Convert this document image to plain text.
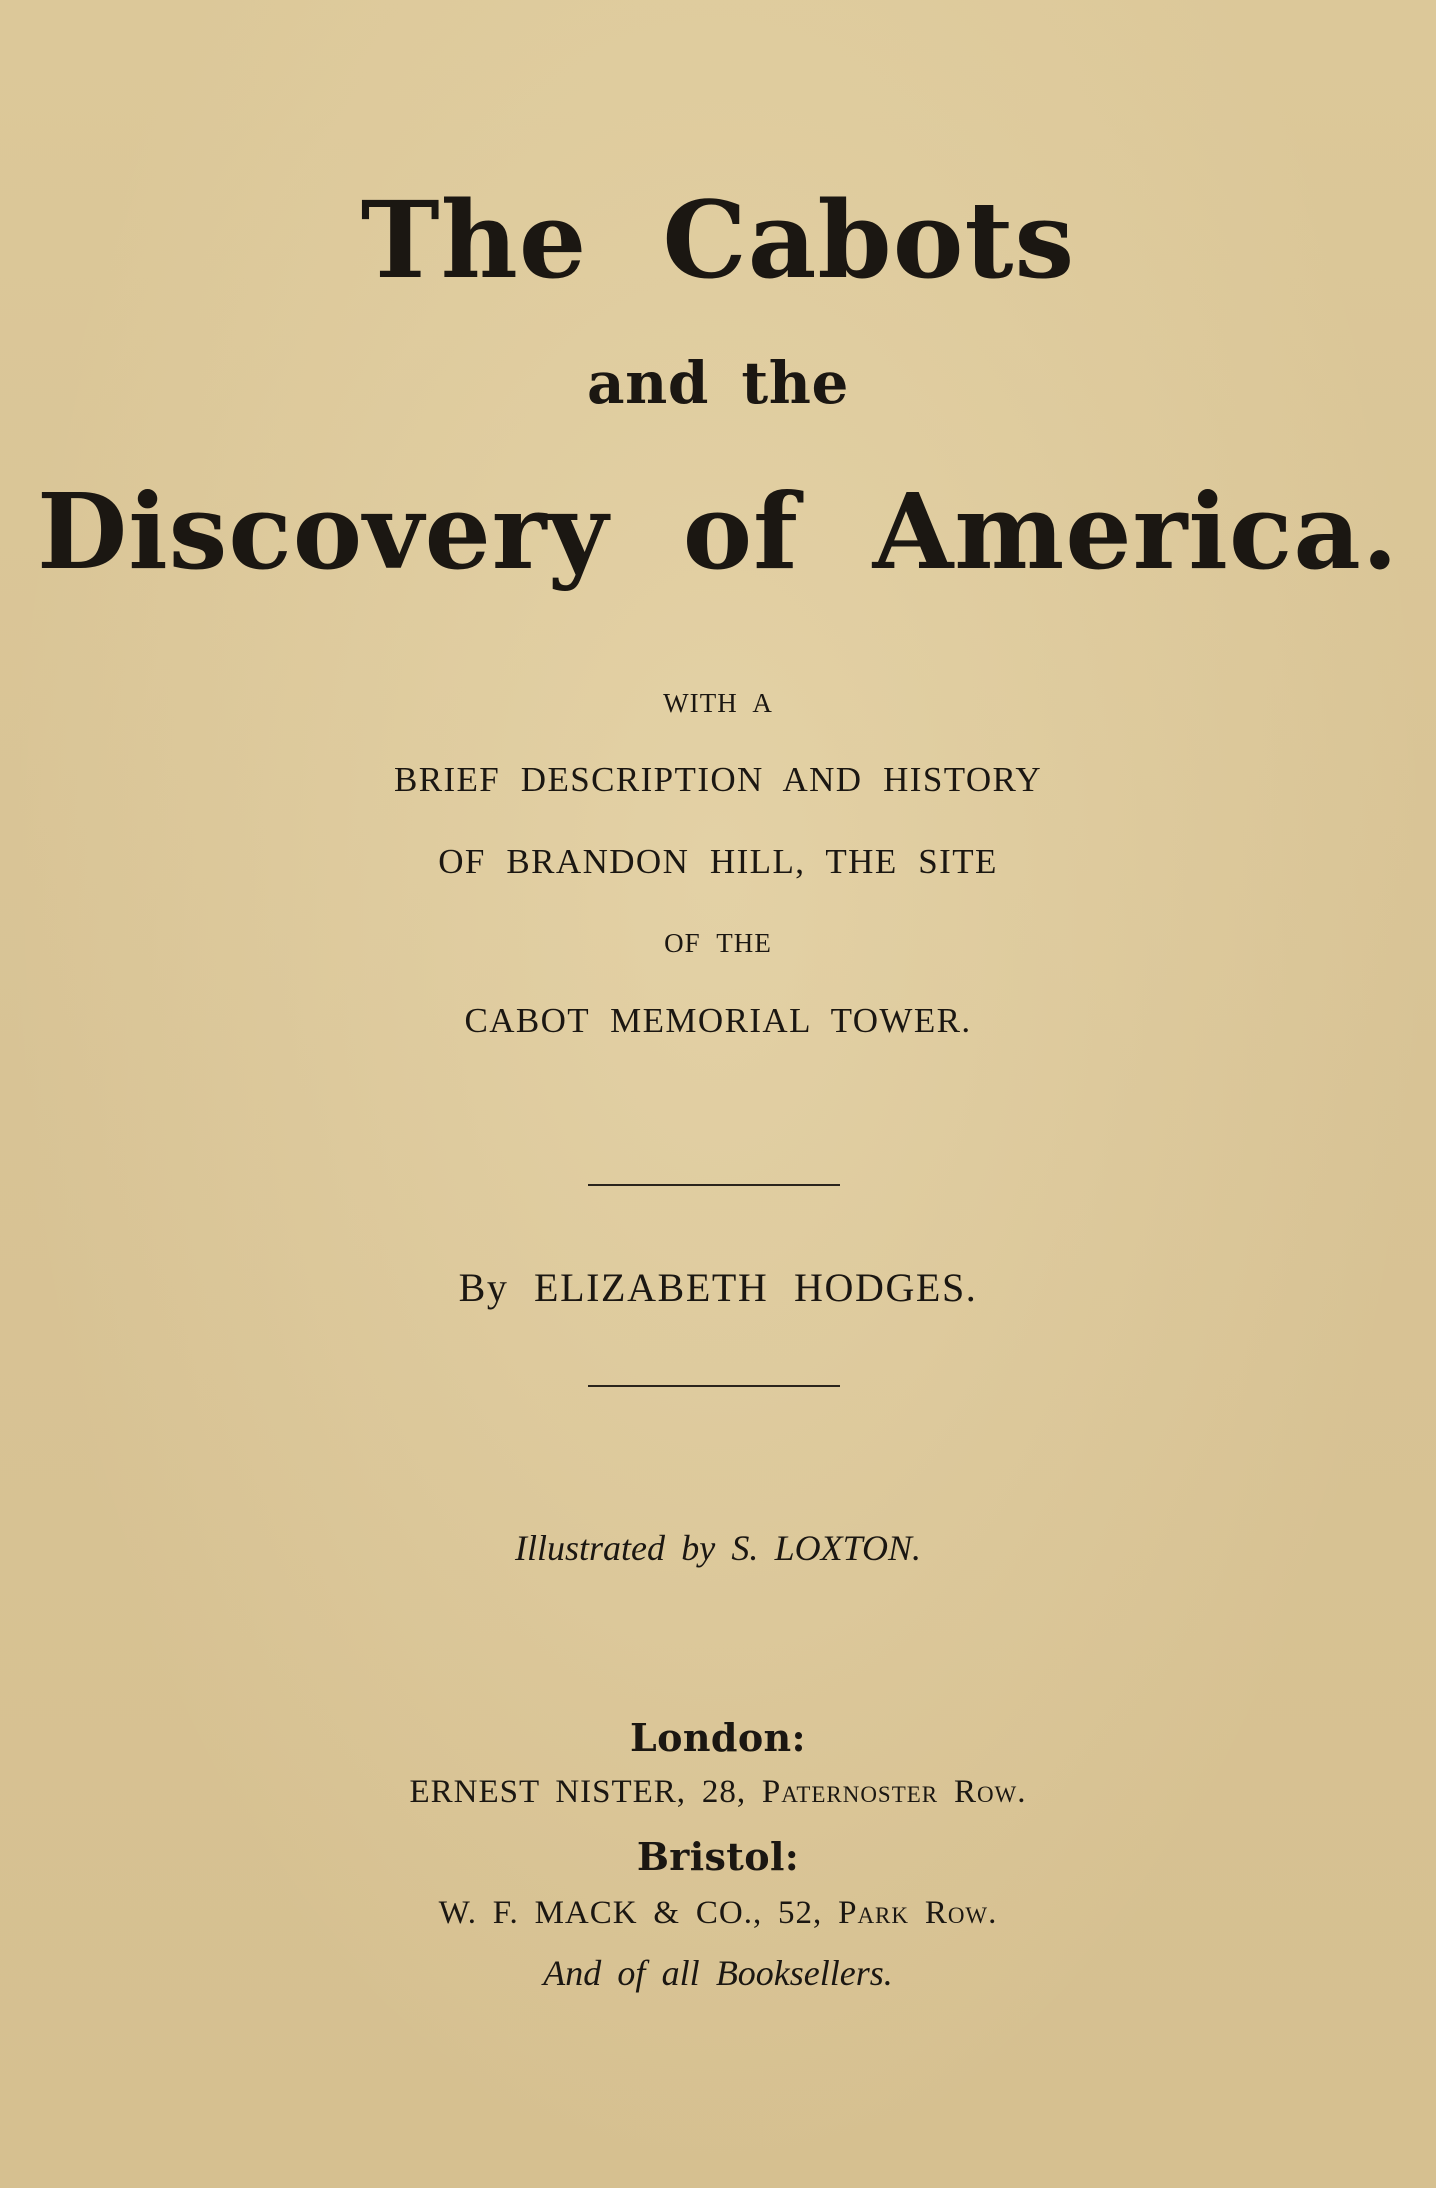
The Cabots
and the
Discovery of America.
WITH A
BRIEF DESCRIPTION AND HISTORY
OF BRANDON HILL, THE SITE
OF THE
CABOT MEMORIAL TOWER.
By ELIZABETH HODGES.
Illustrated by S. LOXTON.
London:
ERNEST NISTER, 28, Paternoster Row.
Bristol:
W. F. MACK & CO., 52, Park Row.
And of all Booksellers.
